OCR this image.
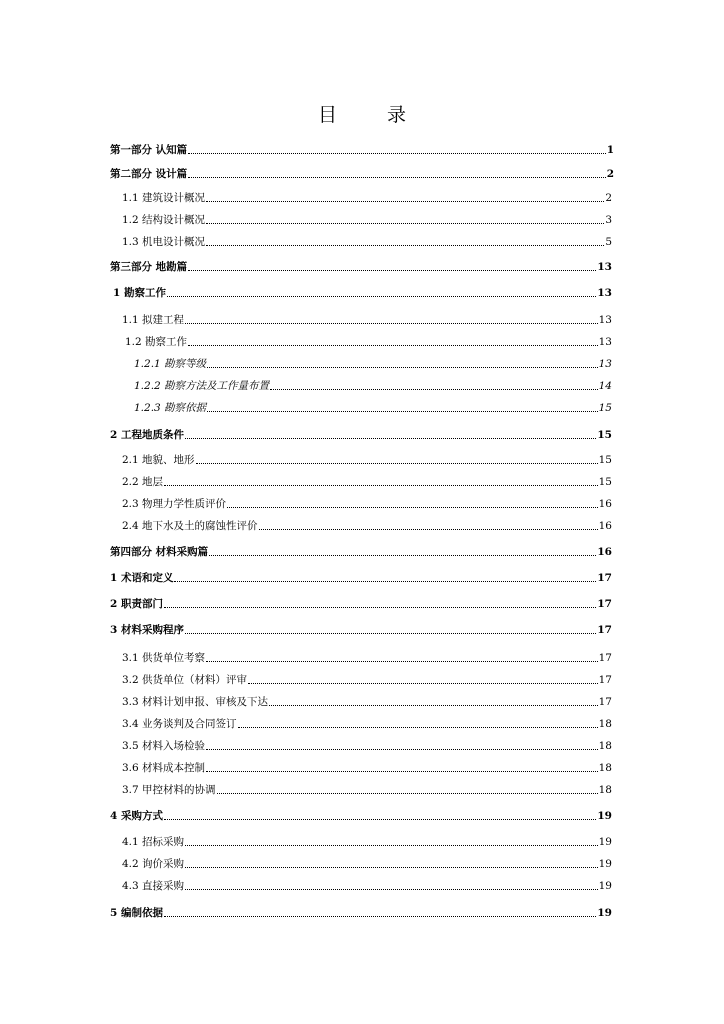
目 录
第一部分 认知篇	1
第二部分 设计篇	2
1.1 建筑设计概况	2
1.2 结构设计概况	3
1.3 机电设计概况	5
第三部分 地勘篇	13
1 勘察工作	13
1.1 拟建工程	13
1.2 勘察工作	13
1.2.1 勘察等级	13
1.2.2 勘察方法及工作量布置	14
1.2.3 勘察依据	15
2 工程地质条件	15
2.1 地貌、地形	15
2.2 地层	15
2.3 物理力学性质评价	16
2.4 地下水及土的腐蚀性评价	16
第四部分 材料采购篇	16
1 术语和定义	17
2 职责部门	17
3 材料采购程序	17
3.1 供货单位考察	17
3.2 供货单位（材料）评审	17
3.3 材料计划申报、审核及下达	17
3.4 业务谈判及合同签订	18
3.5 材料入场检验	18
3.6 材料成本控制	18
3.7 甲控材料的协调	18
4 采购方式	19
4.1 招标采购	19
4.2 询价采购	19
4.3 直接采购	19
5 编制依据	19
